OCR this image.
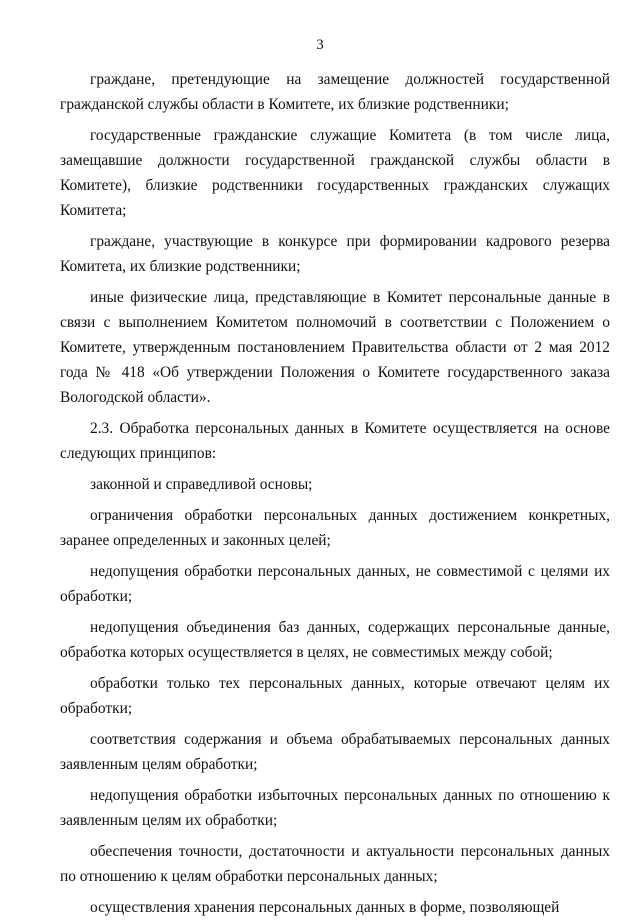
3

граждане, претендующие на замещение должностей государственной гражданской службы области в Комитете, их близкие родственники;

государственные гражданские служащие Комитета (в том числе лица, замещавшие должности государственной гражданской службы области в Комитете), близкие родственники государственных гражданских служащих Комитета;

граждане, участвующие в конкурсе при формировании кадрового резерва Комитета, их близкие родственники;

иные физические лица, представляющие в Комитет персональные данные в связи с выполнением Комитетом полномочий в соответствии с Положением о Комитете, утвержденным постановлением Правительства области от 2 мая 2012 года № 418 «Об утверждении Положения о Комитете государственного заказа Вологодской области».

2.3. Обработка персональных данных в Комитете осуществляется на основе следующих принципов:

законной и справедливой основы;

ограничения обработки персональных данных достижением конкретных, заранее определенных и законных целей;

недопущения обработки персональных данных, не совместимой с целями их обработки;

недопущения объединения баз данных, содержащих персональные данные, обработка которых осуществляется в целях, не совместимых между собой;

обработки только тех персональных данных, которые отвечают целям их обработки;

соответствия содержания и объема обрабатываемых персональных данных заявленным целям обработки;

недопущения обработки избыточных персональных данных по отношению к заявленным целям их обработки;

обеспечения точности, достаточности и актуальности персональных данных по отношению к целям обработки персональных данных;

осуществления хранения персональных данных в форме, позволяющей
